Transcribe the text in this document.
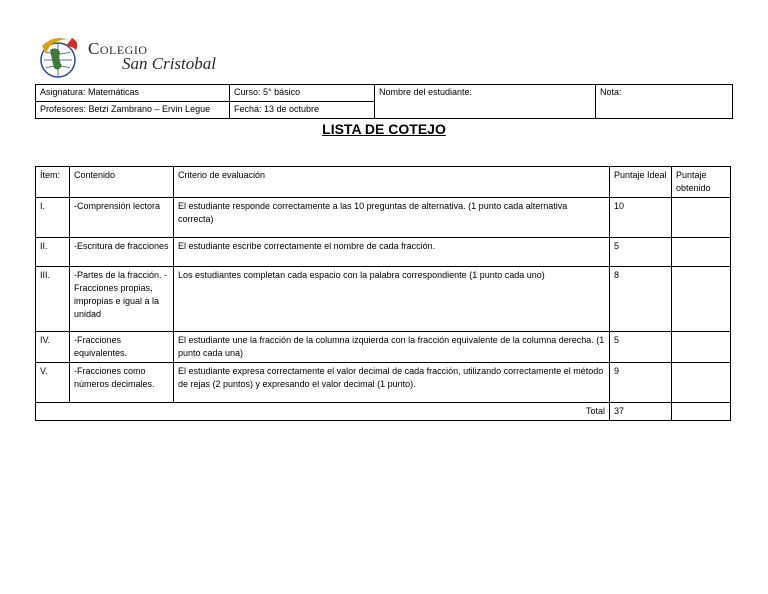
Colegio
San Cristobal
Asignatura: Matemáticas	Curso: 5° básico	Nombre del estudiante:	Nota:
Profesores: Betzi Zambrano – Ervin Legue	Fecha: 13 de octubre		
LISTA DE COTEJO
Ítem:	Contenido	Criterio de evaluación	Puntaje Ideal	Puntaje obtenido
I.	-Comprensión lectora	El estudiante responde correctamente a las 10 preguntas de alternativa. (1 punto cada alternativa correcta)	10	
II.	-Escritura de fracciones	El estudiante escribe correctamente el nombre de cada fracción.	5	
III.	-Partes de la fracción. -Fracciones propias, impropias e igual a la unidad	Los estudiantes completan cada espacio con la palabra correspondiente (1 punto cada uno)	8	
IV.	-Fracciones equivalentes.	El estudiante une la fracción de la columna izquierda con la fracción equivalente de la columna derecha. (1 punto cada una)	5	
V.	-Fracciones como números decimales.	El estudiante expresa correctamente el valor decimal de cada fracción, utilizando correctamente el método de rejas (2 puntos) y expresando el valor decimal (1 punto).	9	
Total			37	
